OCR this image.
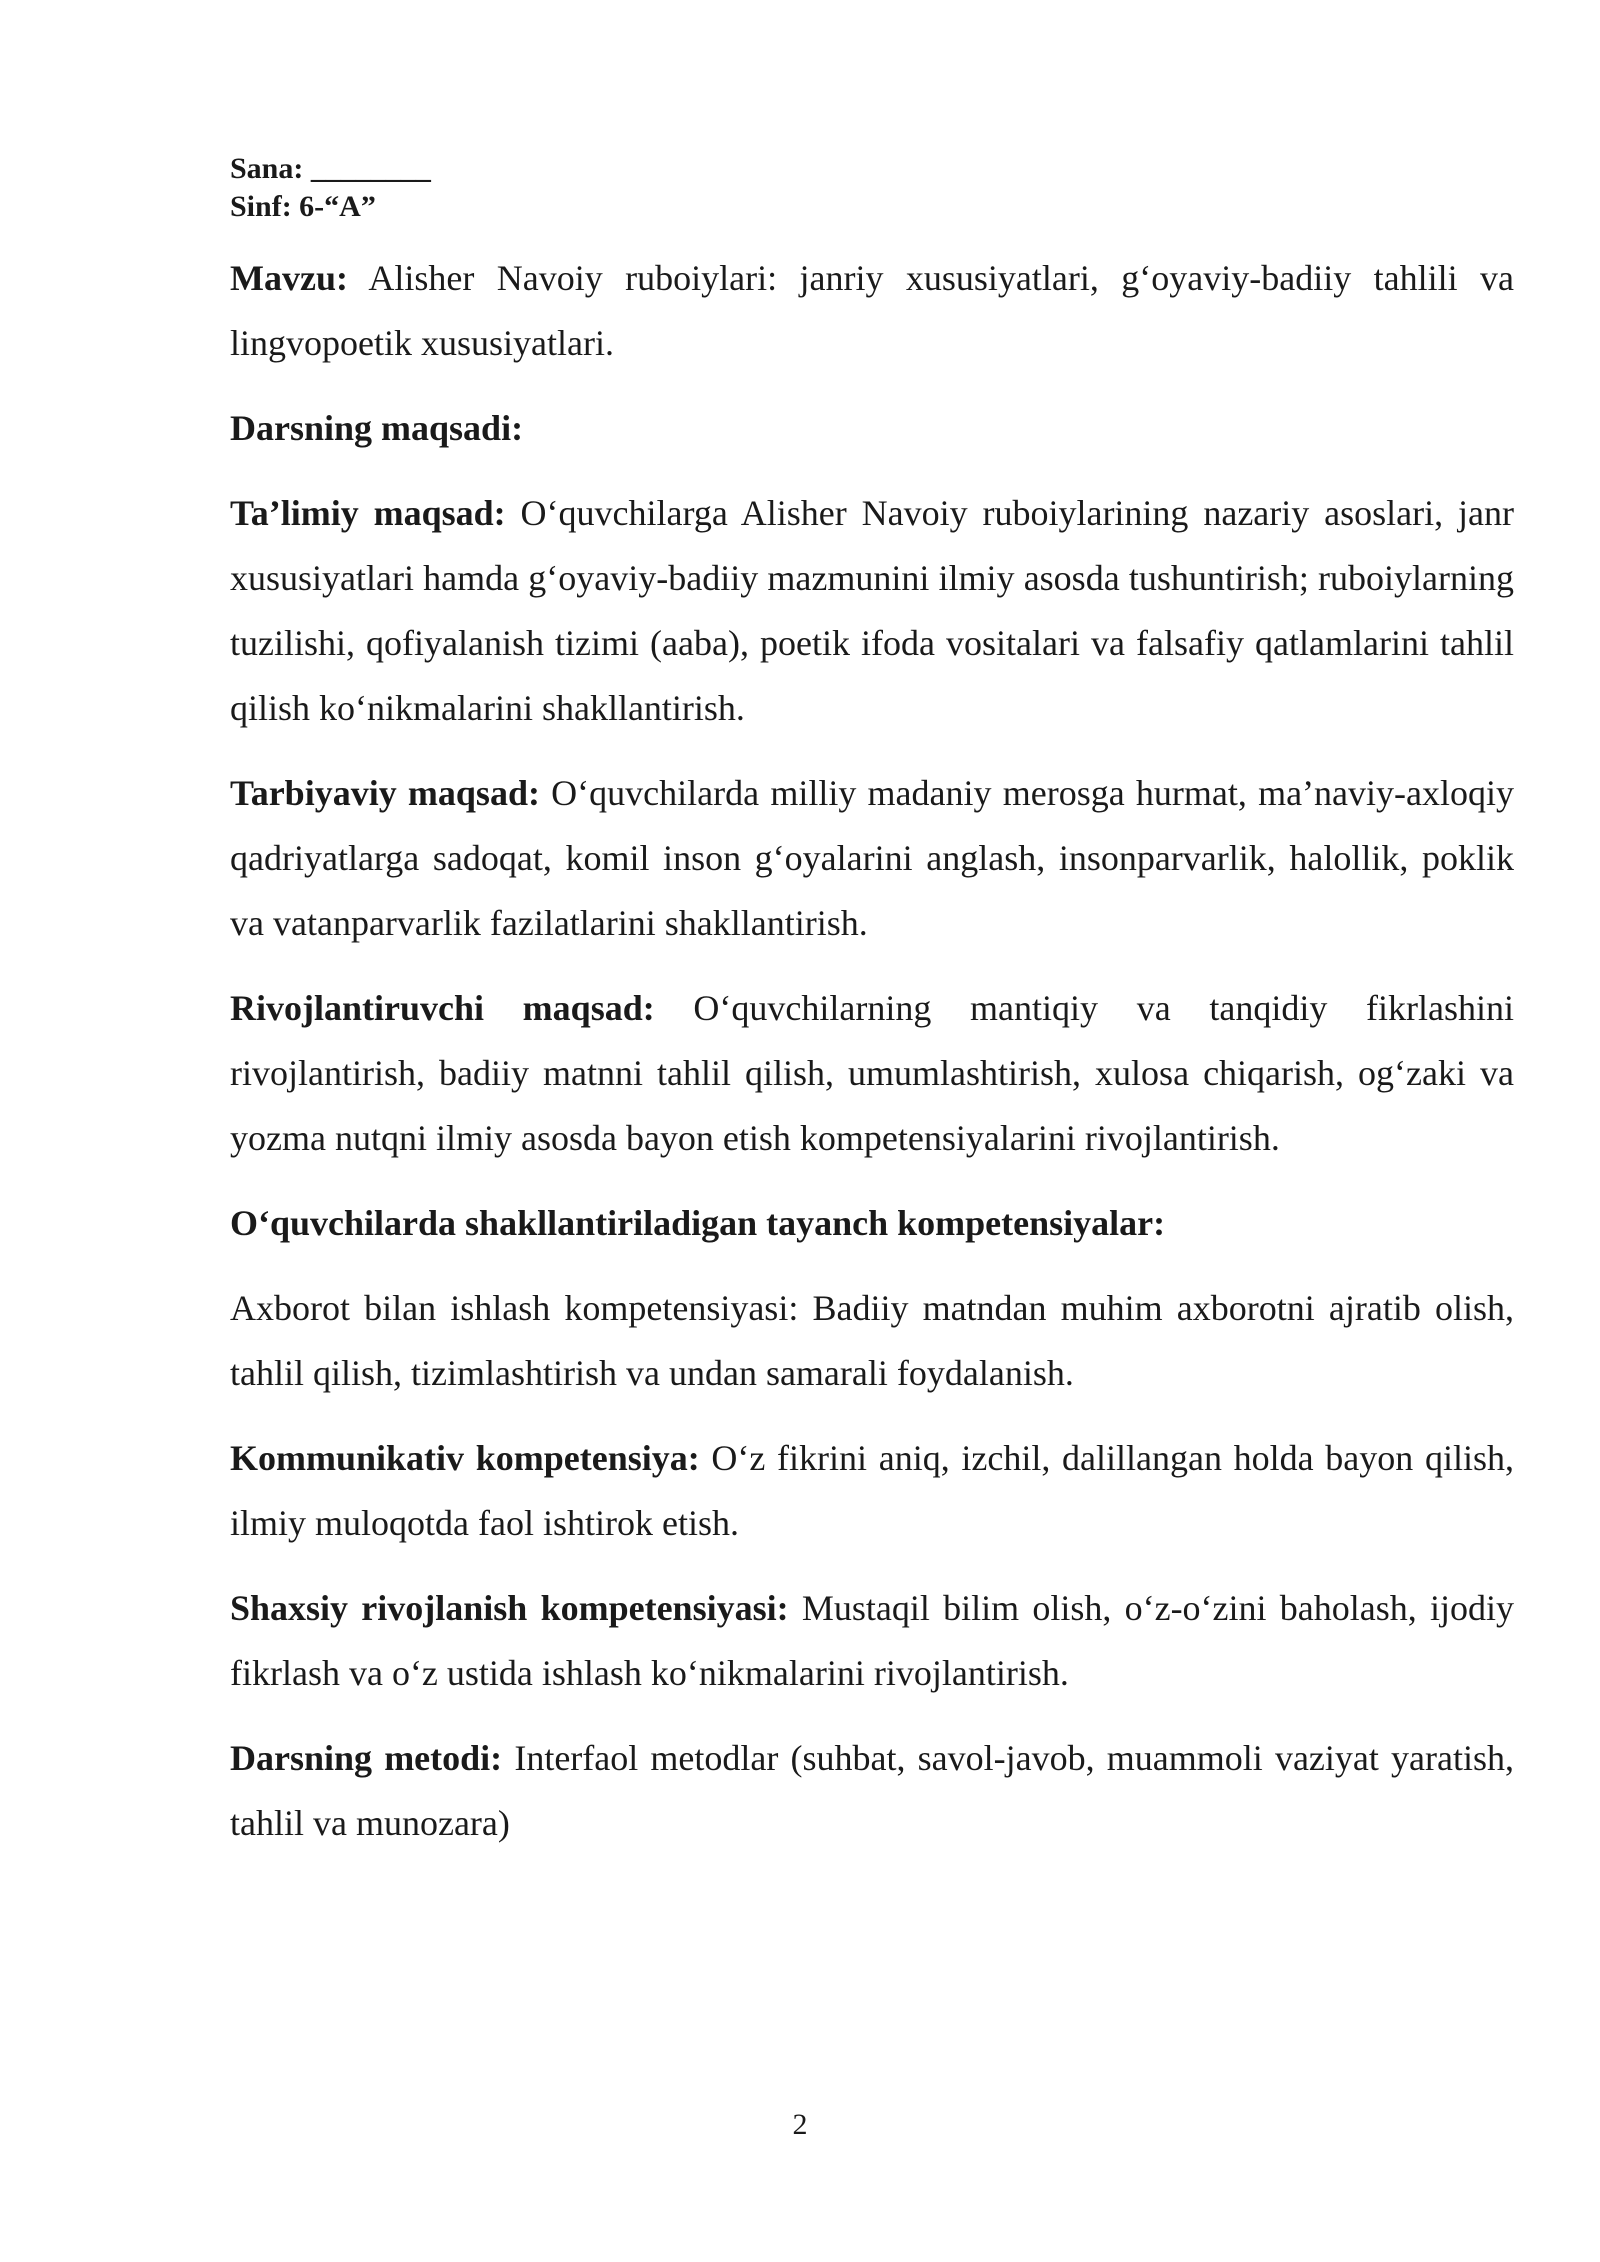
Sana: ________
Sinf: 6-“A”

Mavzu: Alisher Navoiy ruboiylari: janriy xususiyatlari, g‘oyaviy-badiiy tahlili va lingvopoetik xususiyatlari.

Darsning maqsadi:

Ta’limiy maqsad: O‘quvchilarga Alisher Navoiy ruboiylarining nazariy asoslari, janr xususiyatlari hamda g‘oyaviy-badiiy mazmunini ilmiy asosda tushuntirish; ruboiylarning tuzilishi, qofiyalanish tizimi (aaba), poetik ifoda vositalari va falsafiy qatlamlarini tahlil qilish ko‘nikmalarini shakllantirish.

Tarbiyaviy maqsad: O‘quvchilarda milliy madaniy merosga hurmat, ma’naviy-axloqiy qadriyatlarga sadoqat, komil inson g‘oyalarini anglash, insonparvarlik, halollik, poklik va vatanparvarlik fazilatlarini shakllantirish.

Rivojlantiruvchi maqsad: O‘quvchilarning mantiqiy va tanqidiy fikrlashini rivojlantirish, badiiy matnni tahlil qilish, umumlashtirish, xulosa chiqarish, og‘zaki va yozma nutqni ilmiy asosda bayon etish kompetensiyalarini rivojlantirish.

O‘quvchilarda shakllantiriladigan tayanch kompetensiyalar:

Axborot bilan ishlash kompetensiyasi: Badiiy matndan muhim axborotni ajratib olish, tahlil qilish, tizimlashtirish va undan samarali foydalanish.

Kommunikativ kompetensiya: O‘z fikrini aniq, izchil, dalillangan holda bayon qilish, ilmiy muloqotda faol ishtirok etish.

Shaxsiy rivojlanish kompetensiyasi: Mustaqil bilim olish, o‘z-o‘zini baholash, ijodiy fikrlash va o‘z ustida ishlash ko‘nikmalarini rivojlantirish.

Darsning metodi: Interfaol metodlar (suhbat, savol-javob, muammoli vaziyat yaratish, tahlil va munozara)

2
